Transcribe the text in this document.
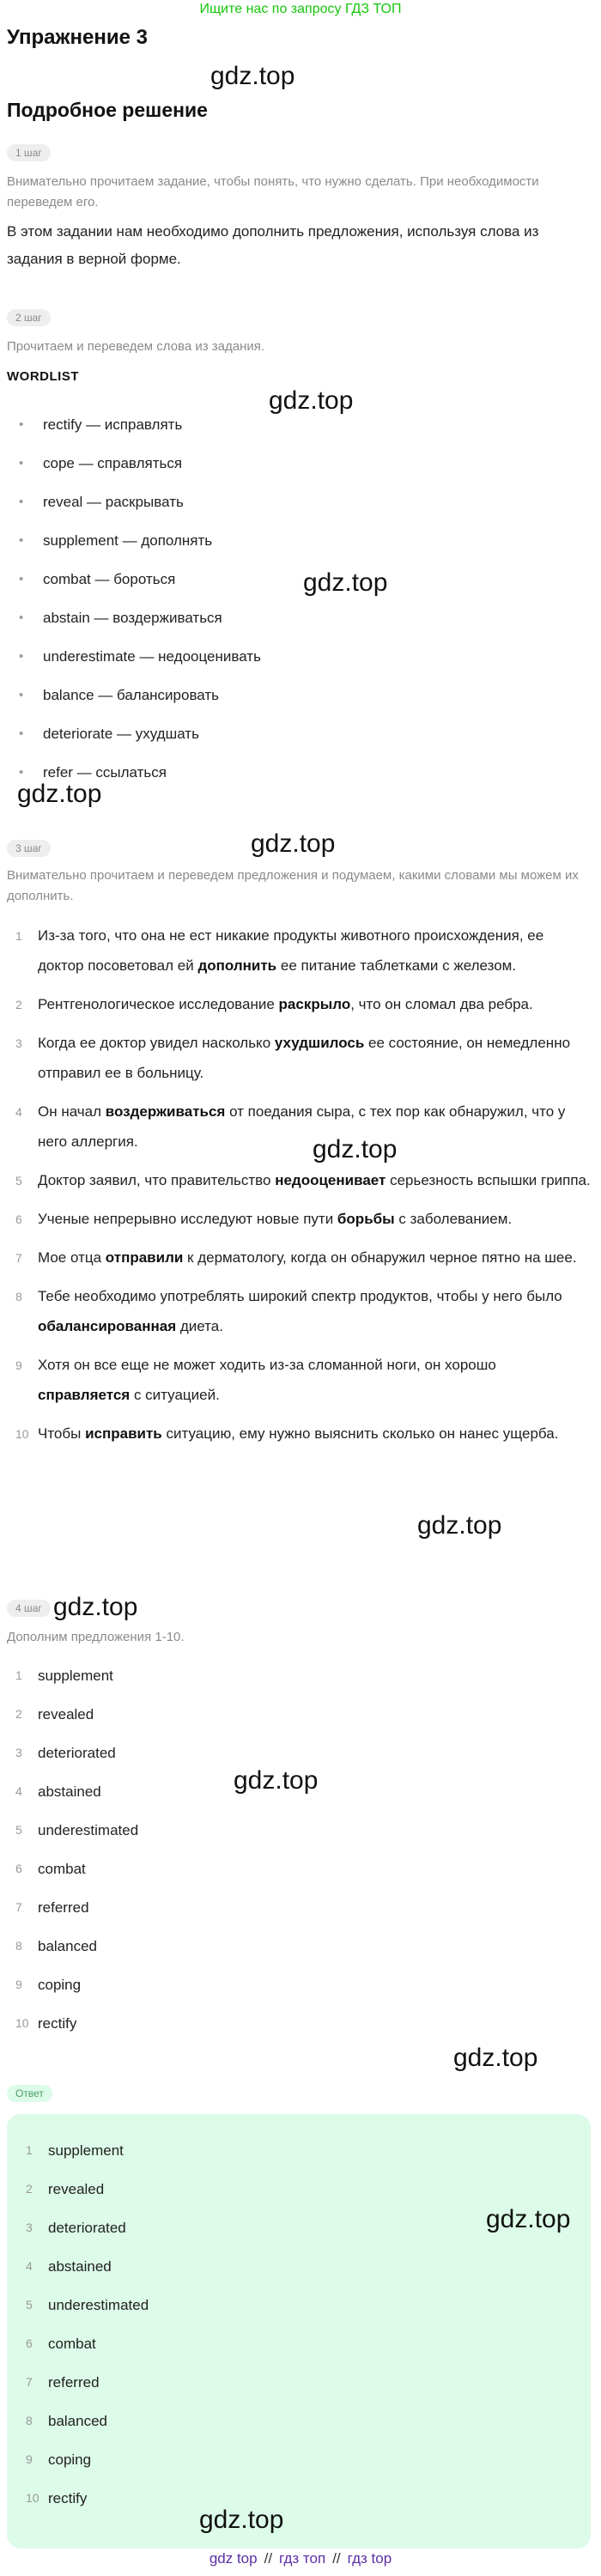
Ищите нас по запросу ГДЗ ТОП
Упражнение 3
Подробное решение
1 шаг
Внимательно прочитаем задание, чтобы понять, что нужно сделать. При необходимости переведем его.
В этом задании нам необходимо дополнить предложения, используя слова из задания в верной форме.
2 шаг
Прочитаем и переведем слова из задания.
WORDLIST
• rectify — исправлять
• cope — справляться
• reveal — раскрывать
• supplement — дополнять
• combat — бороться
• abstain — воздерживаться
• underestimate — недооценивать
• balance — балансировать
• deteriorate — ухудшать
• refer — ссылаться
3 шаг
Внимательно прочитаем и переведем предложения и подумаем, какими словами мы можем их дополнить.
1 Из-за того, что она не ест никакие продукты животного происхождения, ее доктор посоветовал ей дополнить ее питание таблетками с железом.
2 Рентгенологическое исследование раскрыло, что он сломал два ребра.
3 Когда ее доктор увидел насколько ухудшилось ее состояние, он немедленно отправил ее в больницу.
4 Он начал воздерживаться от поедания сыра, с тех пор как обнаружил, что у него аллергия.
5 Доктор заявил, что правительство недооценивает серьезность вспышки гриппа.
6 Ученые непрерывно исследуют новые пути борьбы с заболеванием.
7 Мое отца отправили к дерматологу, когда он обнаружил черное пятно на шее.
8 Тебе необходимо употреблять широкий спектр продуктов, чтобы у него было обалансированная диета.
9 Хотя он все еще не может ходить из-за сломанной ноги, он хорошо справляется с ситуацией.
10 Чтобы исправить ситуацию, ему нужно выяснить сколько он нанес ущерба.
4 шаг
Дополним предложения 1-10.
1 supplement
2 revealed
3 deteriorated
4 abstained
5 underestimated
6 combat
7 referred
8 balanced
9 coping
10 rectify
Ответ
1 supplement
2 revealed
3 deteriorated
4 abstained
5 underestimated
6 combat
7 referred
8 balanced
9 coping
10 rectify
gdz.top
gdz.top
gdz.top
gdz.top
gdz.top
gdz.top
gdz.top
gdz.top
gdz.top
gdz.top
gdz.top
gdz.top
gdz top // гдз топ // гдз top
